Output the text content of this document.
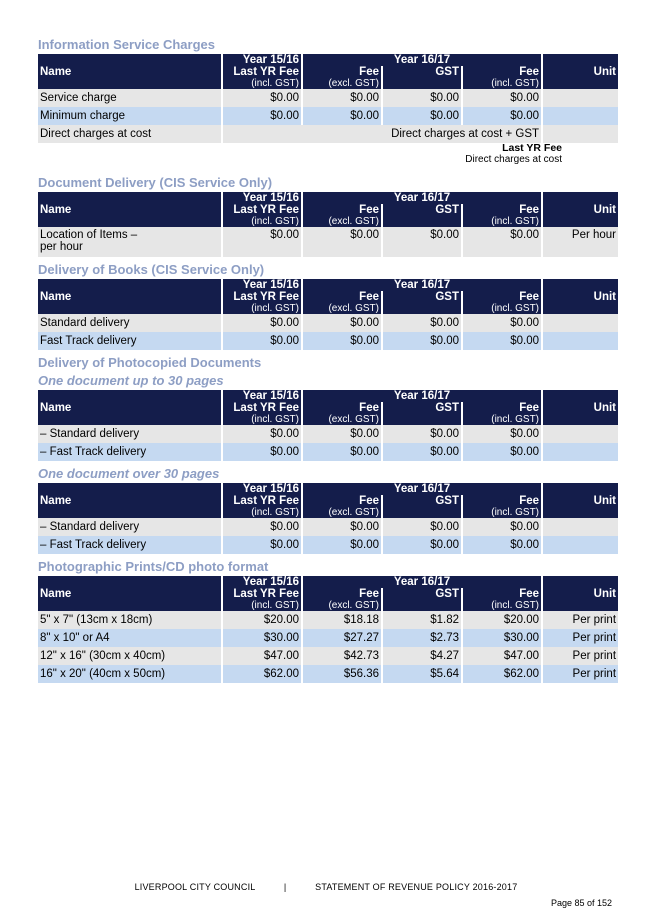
Information Service Charges
Name	Year 15/16	Year 16/17			Unit
	Last YR Fee	Fee	GST	Fee	
	(incl. GST)	(excl. GST)		(incl. GST)	
Service charge	$0.00	$0.00	$0.00	$0.00	
Minimum charge	$0.00	$0.00	$0.00	$0.00	
Direct charges at cost	Direct charges at cost + GST	
Last YR Fee
Direct charges at cost
Document Delivery (CIS Service Only)
Name	Year 15/16	Year 16/17			Unit
	Last YR Fee	Fee	GST	Fee	
	(incl. GST)	(excl. GST)		(incl. GST)	
Location of Items –
per hour	$0.00	$0.00	$0.00	$0.00	Per hour
Delivery of Books (CIS Service Only)
Name	Year 15/16	Year 16/17			Unit
	Last YR Fee	Fee	GST	Fee	
	(incl. GST)	(excl. GST)		(incl. GST)	
Standard delivery	$0.00	$0.00	$0.00	$0.00	
Fast Track delivery	$0.00	$0.00	$0.00	$0.00	
Delivery of Photocopied Documents
One document up to 30 pages
Name	Year 15/16	Year 16/17			Unit
	Last YR Fee	Fee	GST	Fee	
	(incl. GST)	(excl. GST)		(incl. GST)	
– Standard delivery	$0.00	$0.00	$0.00	$0.00	
– Fast Track delivery	$0.00	$0.00	$0.00	$0.00	
One document over 30 pages
Name	Year 15/16	Year 16/17			Unit
	Last YR Fee	Fee	GST	Fee	
	(incl. GST)	(excl. GST)		(incl. GST)	
– Standard delivery	$0.00	$0.00	$0.00	$0.00	
– Fast Track delivery	$0.00	$0.00	$0.00	$0.00	
Photographic Prints/CD photo format
Name	Year 15/16	Year 16/17			Unit
	Last YR Fee	Fee	GST	Fee	
	(incl. GST)	(excl. GST)		(incl. GST)	
5" x 7" (13cm x 18cm)	$20.00	$18.18	$1.82	$20.00	Per print
8" x 10" or A4	$30.00	$27.27	$2.73	$30.00	Per print
12" x 16" (30cm x 40cm)	$47.00	$42.73	$4.27	$47.00	Per print
16" x 20" (40cm x 50cm)	$62.00	$56.36	$5.64	$62.00	Per print
LIVERPOOL CITY COUNCIL	|	STATEMENT OF REVENUE POLICY 2016-2017
Page 85 of 152
